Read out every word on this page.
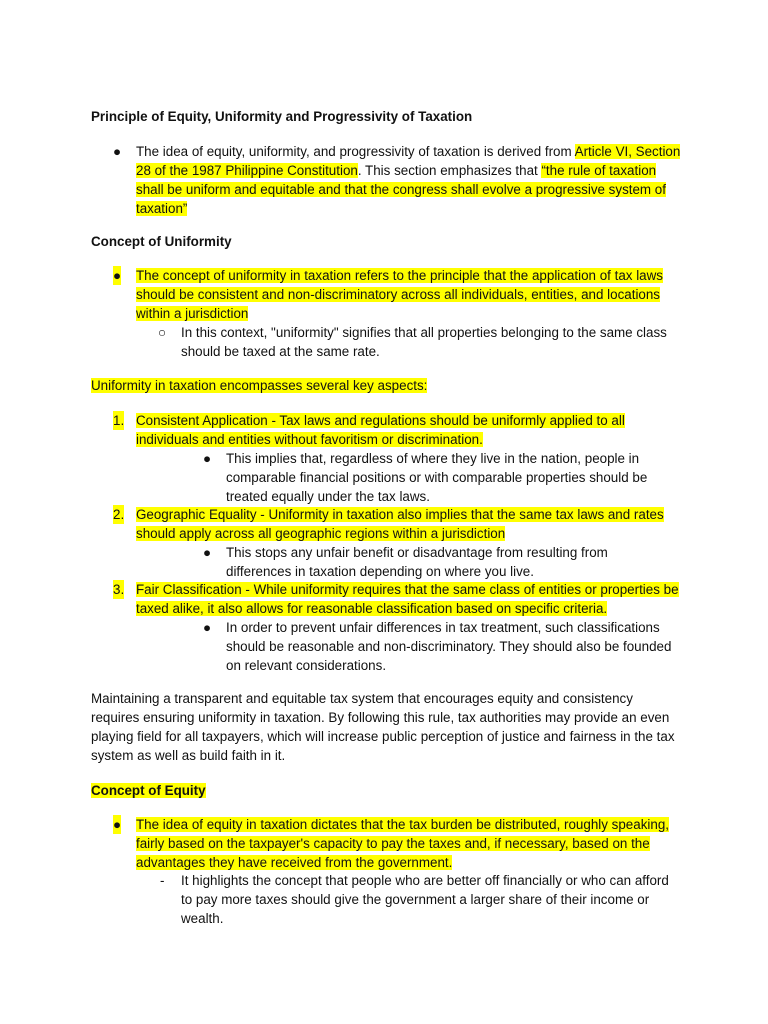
Principle of Equity, Uniformity and Progressivity of Taxation
● The idea of equity, uniformity, and progressivity of taxation is derived from Article VI, Section 28 of the 1987 Philippine Constitution. This section emphasizes that “the rule of taxation shall be uniform and equitable and that the congress shall evolve a progressive system of taxation”
Concept of Uniformity
● The concept of uniformity in taxation refers to the principle that the application of tax laws should be consistent and non-discriminatory across all individuals, entities, and locations within a jurisdiction
○ In this context, "uniformity" signifies that all properties belonging to the same class should be taxed at the same rate.
Uniformity in taxation encompasses several key aspects:
1. Consistent Application - Tax laws and regulations should be uniformly applied to all individuals and entities without favoritism or discrimination.
● This implies that, regardless of where they live in the nation, people in comparable financial positions or with comparable properties should be treated equally under the tax laws.
2. Geographic Equality - Uniformity in taxation also implies that the same tax laws and rates should apply across all geographic regions within a jurisdiction
● This stops any unfair benefit or disadvantage from resulting from differences in taxation depending on where you live.
3. Fair Classification - While uniformity requires that the same class of entities or properties be taxed alike, it also allows for reasonable classification based on specific criteria.
● In order to prevent unfair differences in tax treatment, such classifications should be reasonable and non-discriminatory. They should also be founded on relevant considerations.
Maintaining a transparent and equitable tax system that encourages equity and consistency requires ensuring uniformity in taxation. By following this rule, tax authorities may provide an even playing field for all taxpayers, which will increase public perception of justice and fairness in the tax system as well as build faith in it.
Concept of Equity
● The idea of equity in taxation dictates that the tax burden be distributed, roughly speaking, fairly based on the taxpayer's capacity to pay the taxes and, if necessary, based on the advantages they have received from the government.
- It highlights the concept that people who are better off financially or who can afford to pay more taxes should give the government a larger share of their income or wealth.
